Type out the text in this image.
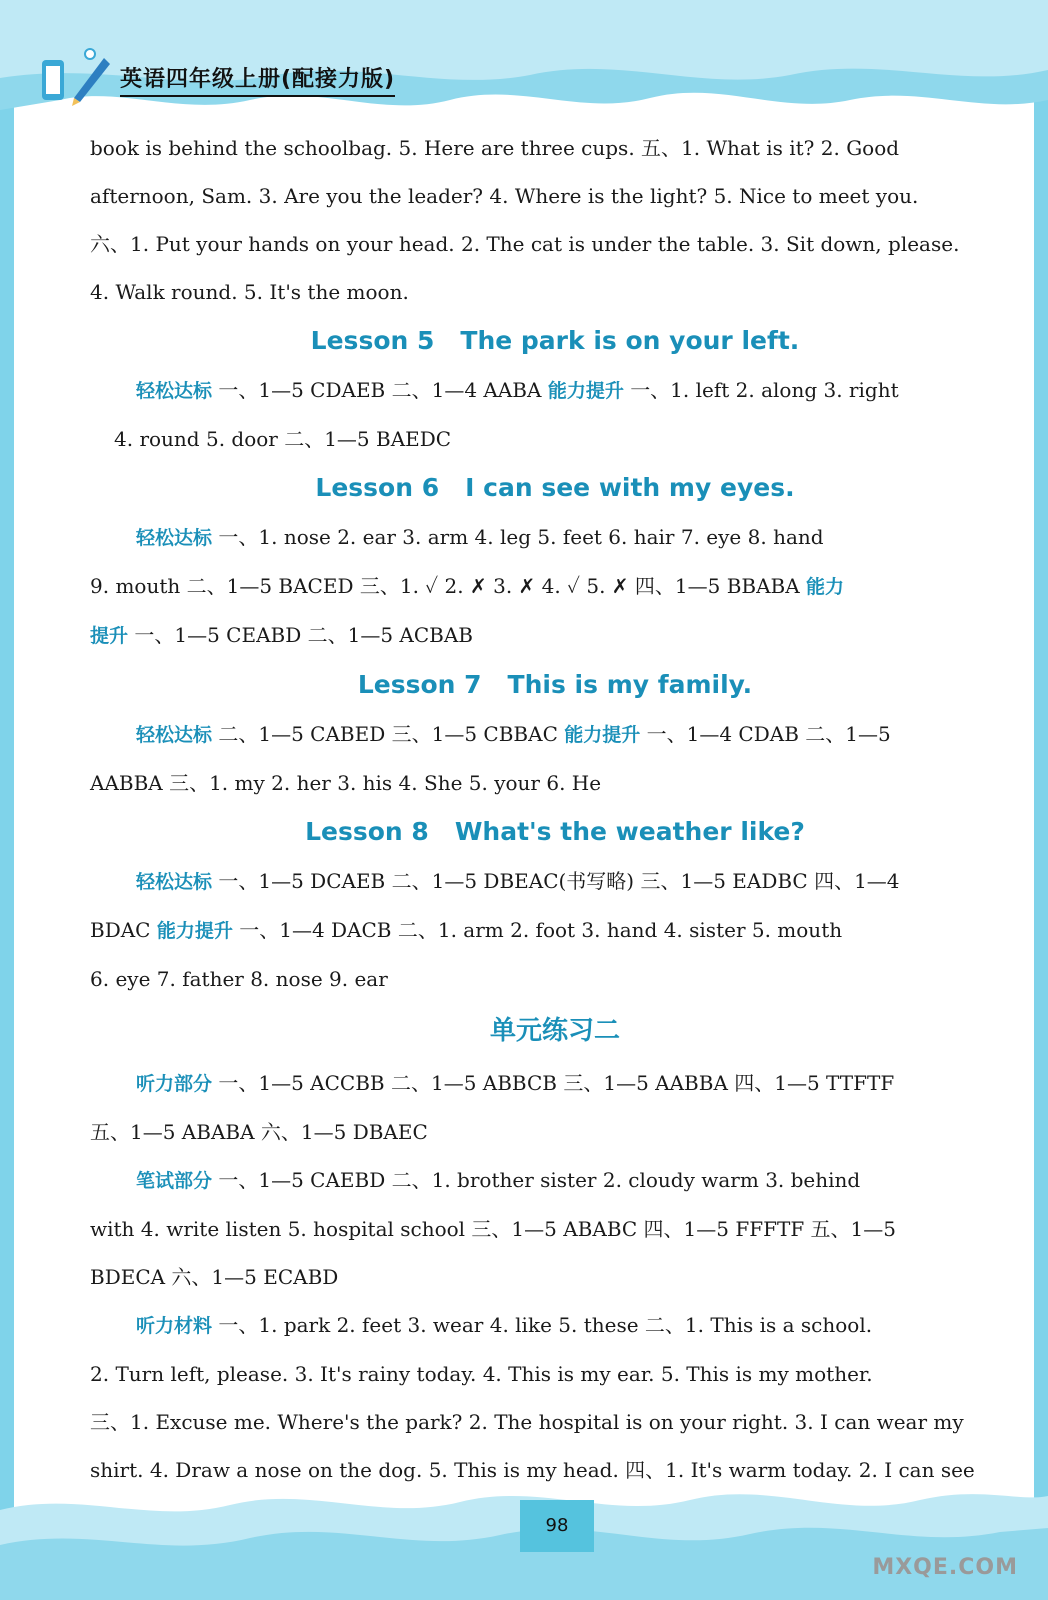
英语四年级上册(配接力版)

book is behind the schoolbag. 5. Here are three cups. 五、1. What is it? 2. Good

afternoon, Sam. 3. Are you the leader? 4. Where is the light? 5. Nice to meet you.

六、1. Put your hands on your head. 2. The cat is under the table. 3. Sit down, please.

4. Walk round. 5. It's the moon.

Lesson 5 The park is on your left.

轻松达标 一、1—5 CDAEB 二、1—4 AABA 能力提升 一、1. left 2. along 3. right

4. round 5. door 二、1—5 BAEDC

Lesson 6 I can see with my eyes.

轻松达标 一、1. nose 2. ear 3. arm 4. leg 5. feet 6. hair 7. eye 8. hand

9. mouth 二、1—5 BACED 三、1. ✓ 2. ✗ 3. ✗ 4. ✓ 5. ✗ 四、1—5 BBABA 能力

提升 一、1—5 CEABD 二、1—5 ACBAB

Lesson 7 This is my family.

轻松达标 二、1—5 CABED 三、1—5 CBBAC 能力提升 一、1—4 CDAB 二、1—5

AABBA 三、1. my 2. her 3. his 4. She 5. your 6. He

Lesson 8 What's the weather like?

轻松达标 一、1—5 DCAEB 二、1—5 DBEAC(书写略) 三、1—5 EADBC 四、1—4

BDAC 能力提升 一、1—4 DACB 二、1. arm 2. foot 3. hand 4. sister 5. mouth

6. eye 7. father 8. nose 9. ear

单元练习二

听力部分 一、1—5 ACCBB 二、1—5 ABBCB 三、1—5 AABBA 四、1—5 TTFTF

五、1—5 ABABA 六、1—5 DBAEC

笔试部分 一、1—5 CAEBD 二、1. brother sister 2. cloudy warm 3. behind

with 4. write listen 5. hospital school 三、1—5 ABABC 四、1—5 FFFTF 五、1—5

BDECA 六、1—5 ECABD

听力材料 一、1. park 2. feet 3. wear 4. like 5. these 二、1. This is a school.

2. Turn left, please. 3. It's rainy today. 4. This is my ear. 5. This is my mother.

三、1. Excuse me. Where's the park? 2. The hospital is on your right. 3. I can wear my

shirt. 4. Draw a nose on the dog. 5. This is my head. 四、1. It's warm today. 2. I can see

98
MXQE.COM
